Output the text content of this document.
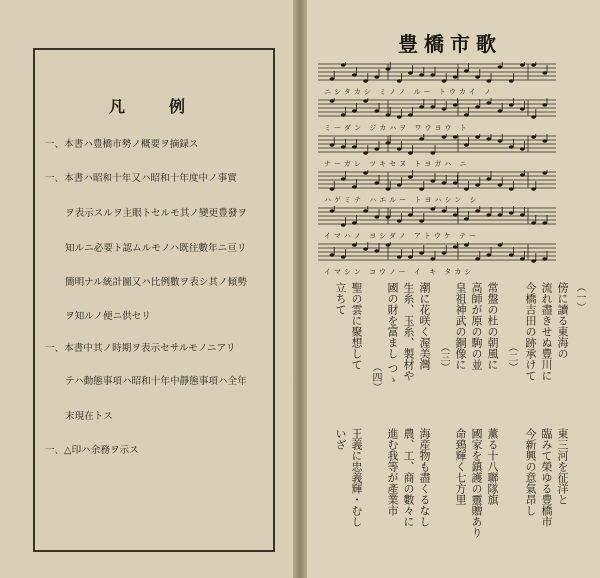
凡例
一、本書ハ豊橋市勢ノ概要ヲ摘録ス
一、本書ハ昭和十年又ハ昭和十年度中ノ事實
ヲ表示スルヲ主眼トセルモ其ノ變更豊發ヲ
知ルニ必要ト認ムルモノハ既往數年ニ亘リ
簡明ナル統計圖又ハ比例數ヲ表シ其ノ傾勢
ヲ知ルノ便ニ供セリ
一、本書中其ノ時期ヲ表示セサルモノニアリ
テハ動態事項ハ昭和十年中靜態事項ハ全年
末現在トス
一、△印ハ余務ヲ示ス
豊橋市歌
ニシタカシ ミノノ ルー トウカイ ノ
ミーダン ジカハヲ ワウヨウ ト
ナーガレ ツキセヌ トヨガハ ニ
ハゲミテ ハエルー トヨハシン シ
イマハノ ヨシダノ アトウケ テー
イマシン コウノー イ キ タカシ
（一）
傍に讀る東海の
流れ盡きせぬ豊川に
今橋吉田の跡承けて
東三河を征洋と
臨みて榮ゆる豊橋市
今新興の意氣昂し
（二）
常盤の杜の朝風に
高師が原の駒の並
皇祖神武の銅像に
薫る十八聯隊旗
國家を鎮護の靈贈あり
命鵄輝く七方里
（三）
潮に花咲く渥美灣
生糸、玉糸、製材や
國の財を富まし つゝ
海産物も盡くるなし
農、工、商の數々に
進む我等が產業市
（四）
聖の雲に聚想して
立ちて
王義に忠義輝・むし
いざ
